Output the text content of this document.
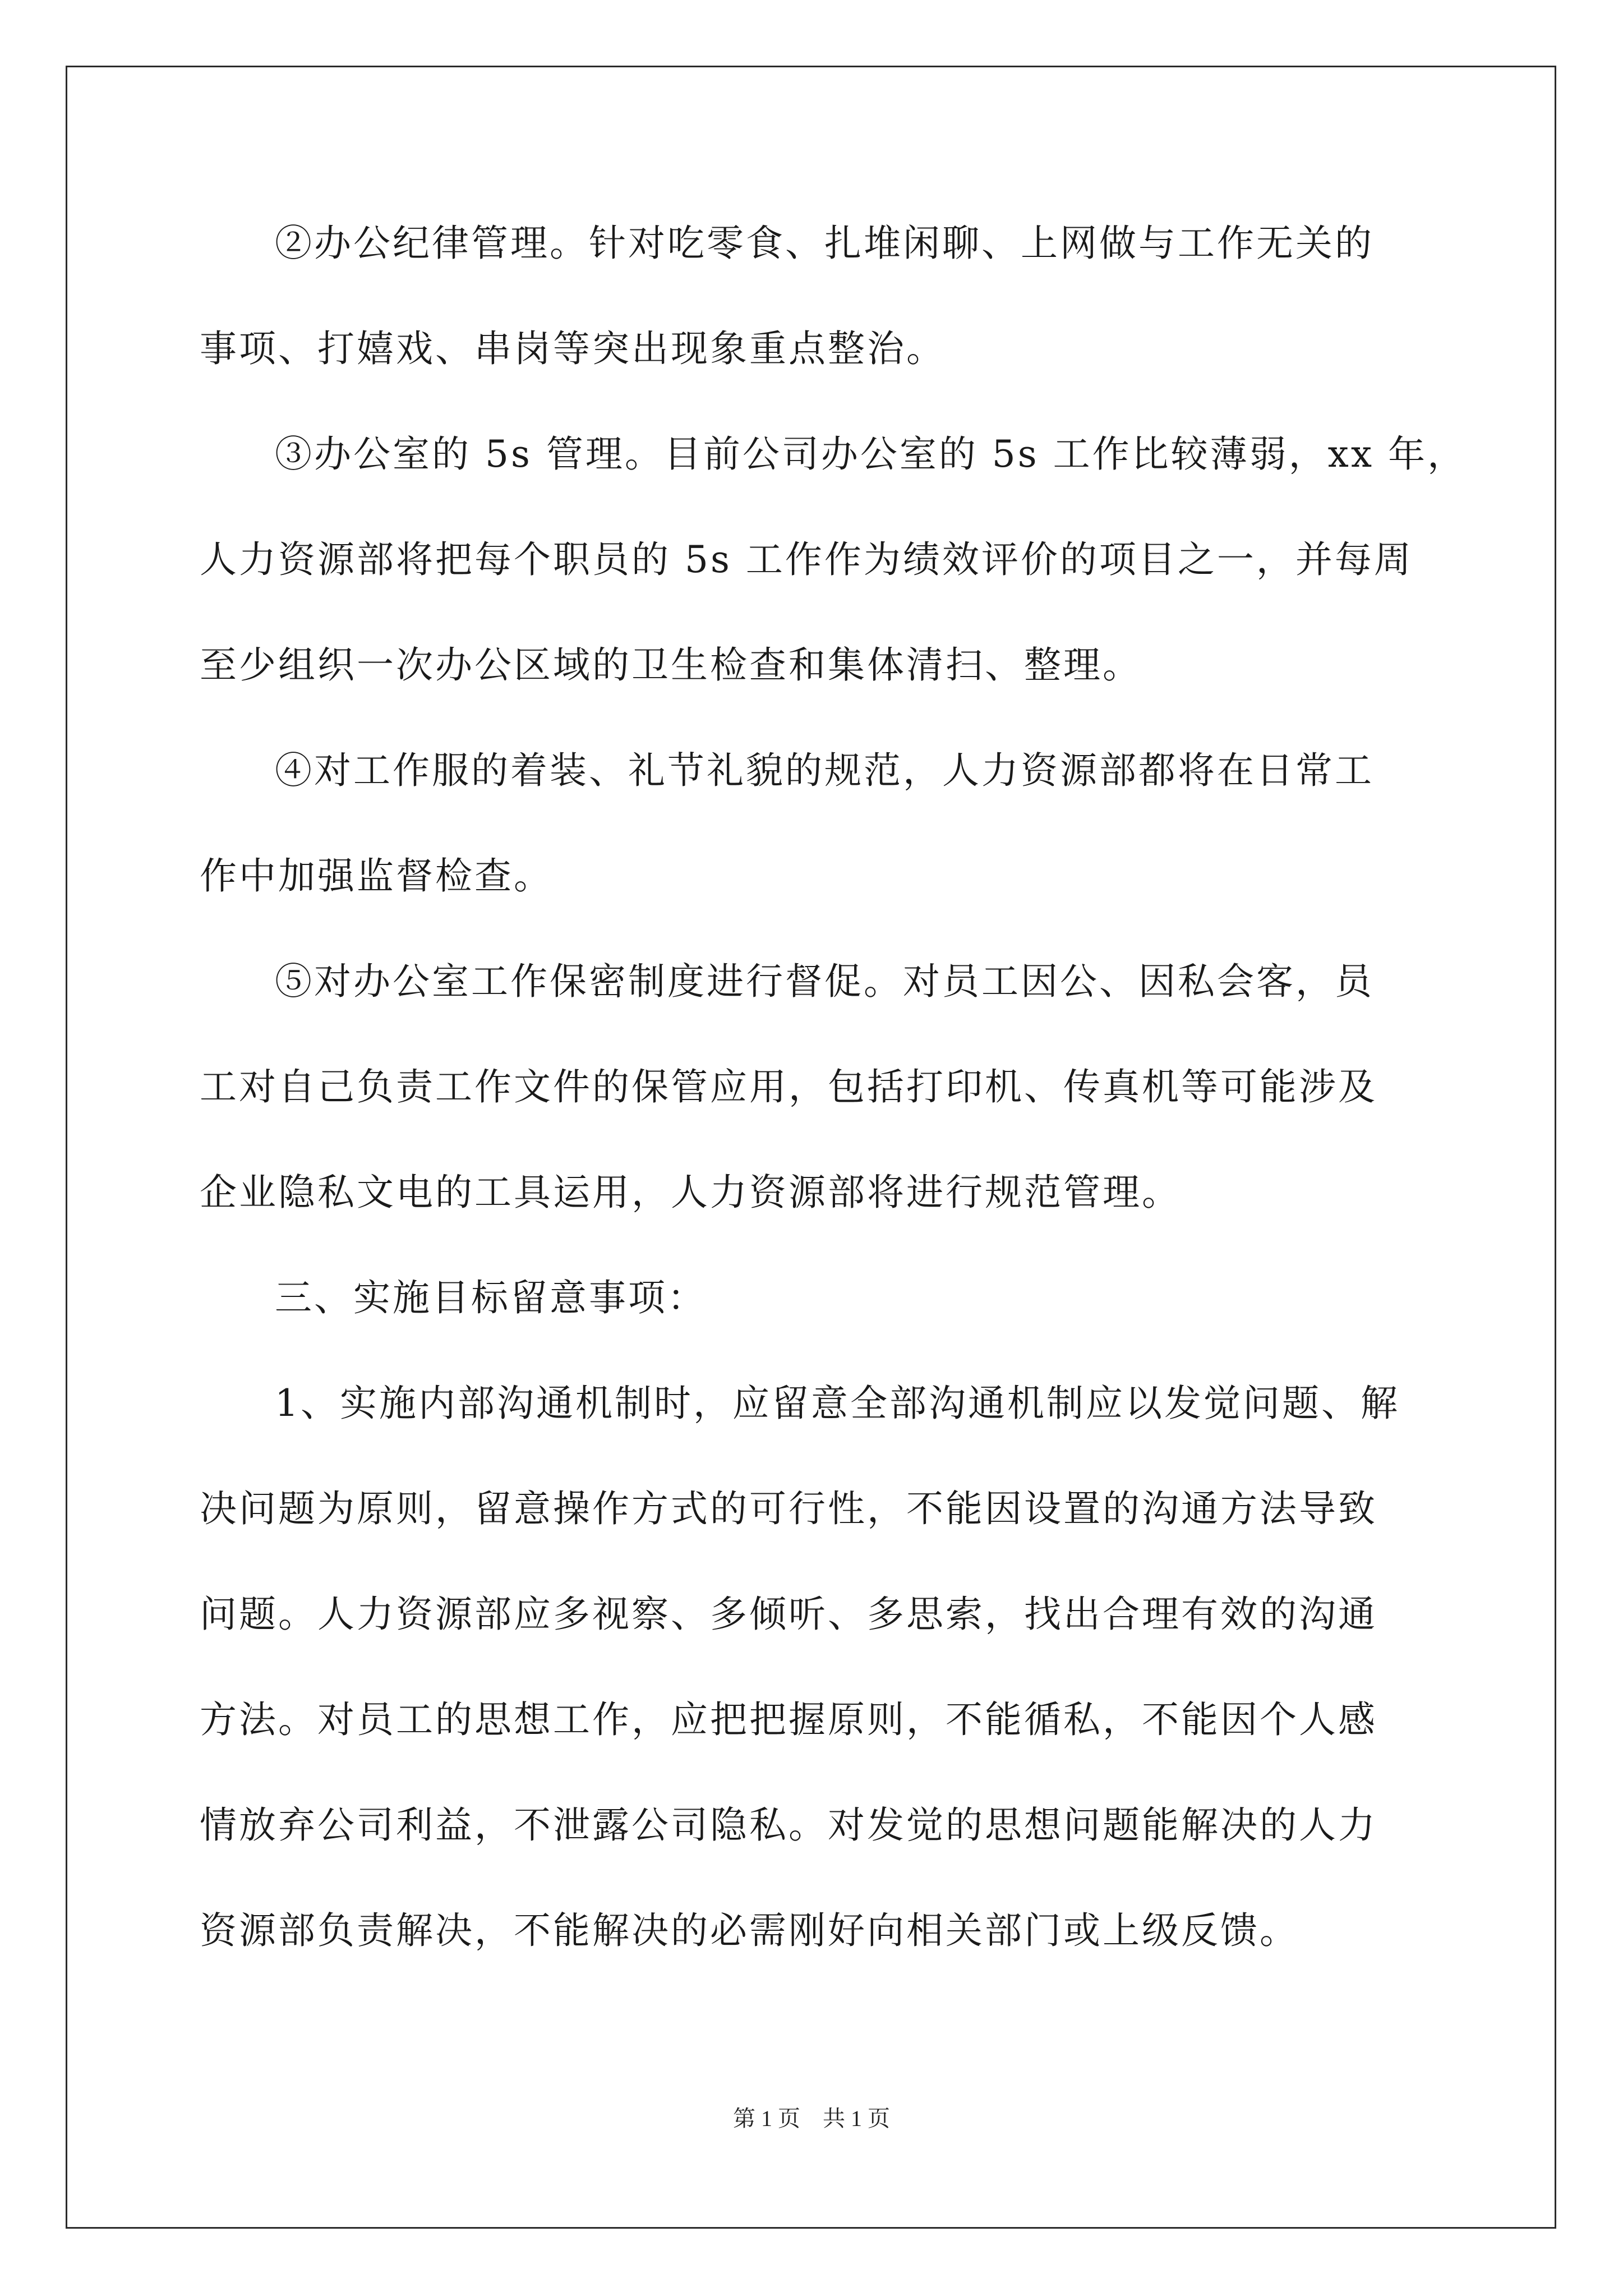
②办公纪律管理。针对吃零食、扎堆闲聊、上网做与工作无关的
事项、打嬉戏、串岗等突出现象重点整治。
③办公室的 5s 管理。目前公司办公室的 5s 工作比较薄弱，xx 年，
人力资源部将把每个职员的 5s 工作作为绩效评价的项目之一，并每周
至少组织一次办公区域的卫生检查和集体清扫、整理。
④对工作服的着装、礼节礼貌的规范，人力资源部都将在日常工
作中加强监督检查。
⑤对办公室工作保密制度进行督促。对员工因公、因私会客，员
工对自己负责工作文件的保管应用，包括打印机、传真机等可能涉及
企业隐私文电的工具运用，人力资源部将进行规范管理。
三、实施目标留意事项：
1、实施内部沟通机制时，应留意全部沟通机制应以发觉问题、解
决问题为原则，留意操作方式的可行性，不能因设置的沟通方法导致
问题。人力资源部应多视察、多倾听、多思索，找出合理有效的沟通
方法。对员工的思想工作，应把把握原则，不能循私，不能因个人感
情放弃公司利益，不泄露公司隐私。对发觉的思想问题能解决的人力
资源部负责解决，不能解决的必需刚好向相关部门或上级反馈。
第 1 页　共 1 页
